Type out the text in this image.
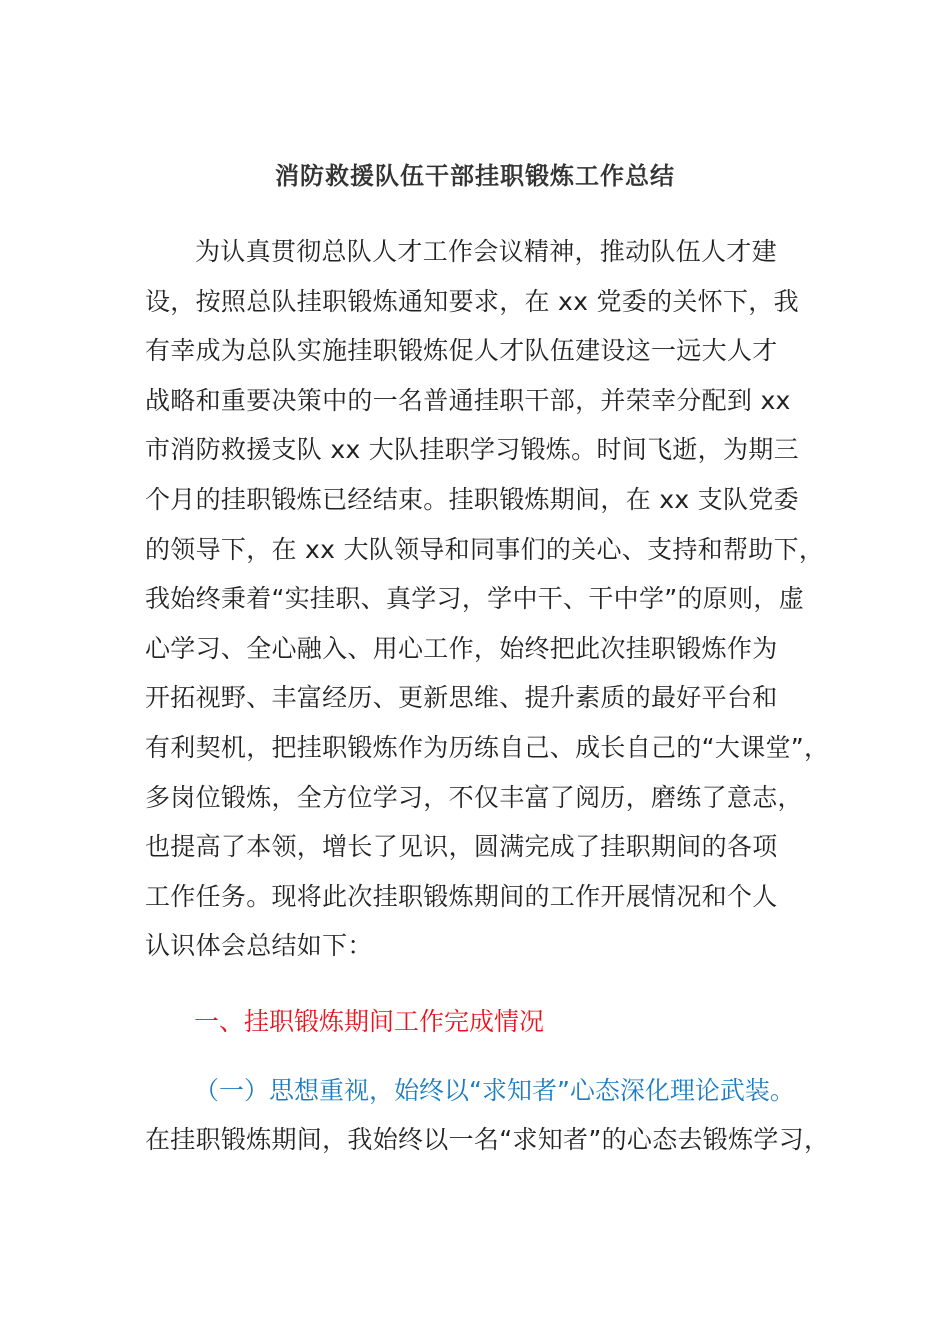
消防救援队伍干部挂职锻炼工作总结
为认真贯彻总队人才工作会议精神，推动队伍人才建
设，按照总队挂职锻炼通知要求，在 xx 党委的关怀下，我
有幸成为总队实施挂职锻炼促人才队伍建设这一远大人才
战略和重要决策中的一名普通挂职干部，并荣幸分配到 xx
市消防救援支队 xx 大队挂职学习锻炼。时间飞逝，为期三
个月的挂职锻炼已经结束。挂职锻炼期间，在 xx 支队党委
的领导下，在 xx 大队领导和同事们的关心、支持和帮助下，
我始终秉着“实挂职、真学习，学中干、干中学”的原则，虚
心学习、全心融入、用心工作，始终把此次挂职锻炼作为
开拓视野、丰富经历、更新思维、提升素质的最好平台和
有利契机，把挂职锻炼作为历练自己、成长自己的“大课堂”，
多岗位锻炼，全方位学习，不仅丰富了阅历，磨练了意志，
也提高了本领，增长了见识，圆满完成了挂职期间的各项
工作任务。现将此次挂职锻炼期间的工作开展情况和个人
认识体会总结如下：
一、挂职锻炼期间工作完成情况
（一）思想重视，始终以“求知者”心态深化理论武装。
在挂职锻炼期间，我始终以一名“求知者”的心态去锻炼学习，
